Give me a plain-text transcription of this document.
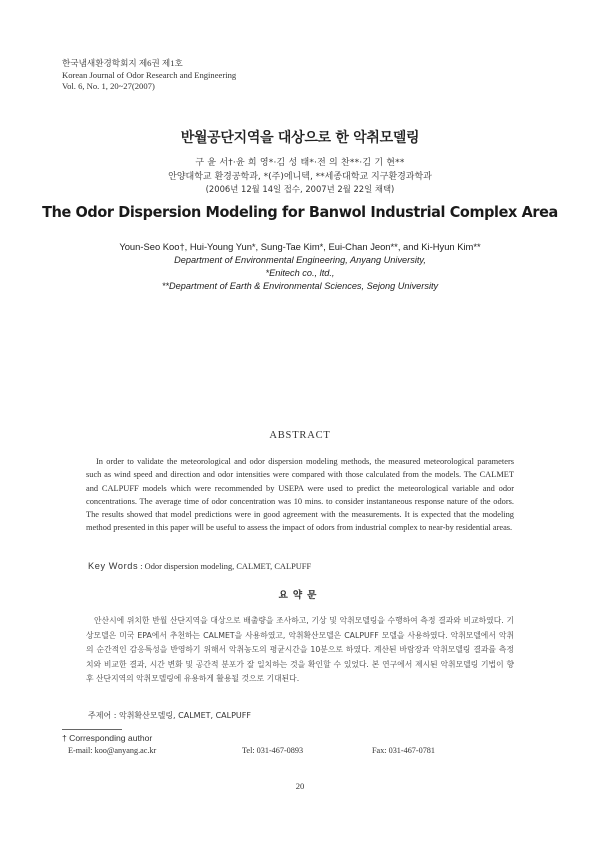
한국냄새환경학회지 제6권 제1호
Korean Journal of Odor Research and Engineering
Vol. 6, No. 1, 20~27(2007)
반월공단지역을 대상으로 한 악취모델링
구 윤 서†·윤 희 영*·김 성 태*·전 의 찬**·김 기 현**
안양대학교 환경공학과, *(주)에니텍, **세종대학교 지구환경과학과
(2006년 12월 14일 접수, 2007년 2월 22일 채택)
The Odor Dispersion Modeling for Banwol Industrial Complex Area
Youn-Seo Koo†, Hui-Young Yun*, Sung-Tae Kim*, Eui-Chan Jeon**, and Ki-Hyun Kim**
Department of Environmental Engineering, Anyang University,
*Enitech co., ltd.,
**Department of Earth & Environmental Sciences, Sejong University
ABSTRACT
In order to validate the meteorological and odor dispersion modeling methods, the measured meteorological parameters such as wind speed and direction and odor intensities were compared with those calculated from the models. The CALMET and CALPUFF models which were recommended by USEPA were used to predict the meteorological variable and odor concentrations. The average time of odor concentration was 10 mins. to consider instantaneous response nature of the odors. The results showed that model predictions were in good agreement with the measurements. It is expected that the modeling method presented in this paper will be useful to assess the impact of odors from industrial complex to near-by residential areas.
Key Words : Odor dispersion modeling, CALMET, CALPUFF
요약문
안산시에 위치한 반월 산단지역을 대상으로 배출량을 조사하고, 기상 및 악취모델링을 수행하여 측정 결과와 비교하였다. 기상모델은 미국 EPA에서 추천하는 CALMET을 사용하였고, 악취확산모델은 CALPUFF 모델을 사용하였다. 악취모델에서 악취의 순간적인 감응특성을 반영하기 위해서 악취농도의 평균시간을 10분으로 하였다. 계산된 바람장과 악취모델링 결과를 측정치와 비교한 결과, 시간 변화 및 공간적 분포가 잘 일치하는 것을 확인할 수 있었다. 본 연구에서 제시된 악취모델링 기법이 향후 산단지역의 악취모델링에 유용하게 활용될 것으로 기대된다.
주제어 : 악취확산모델링, CALMET, CALPUFF
† Corresponding author
E-mail: koo@anyang.ac.kr	Tel: 031-467-0893	Fax: 031-467-0781
20
